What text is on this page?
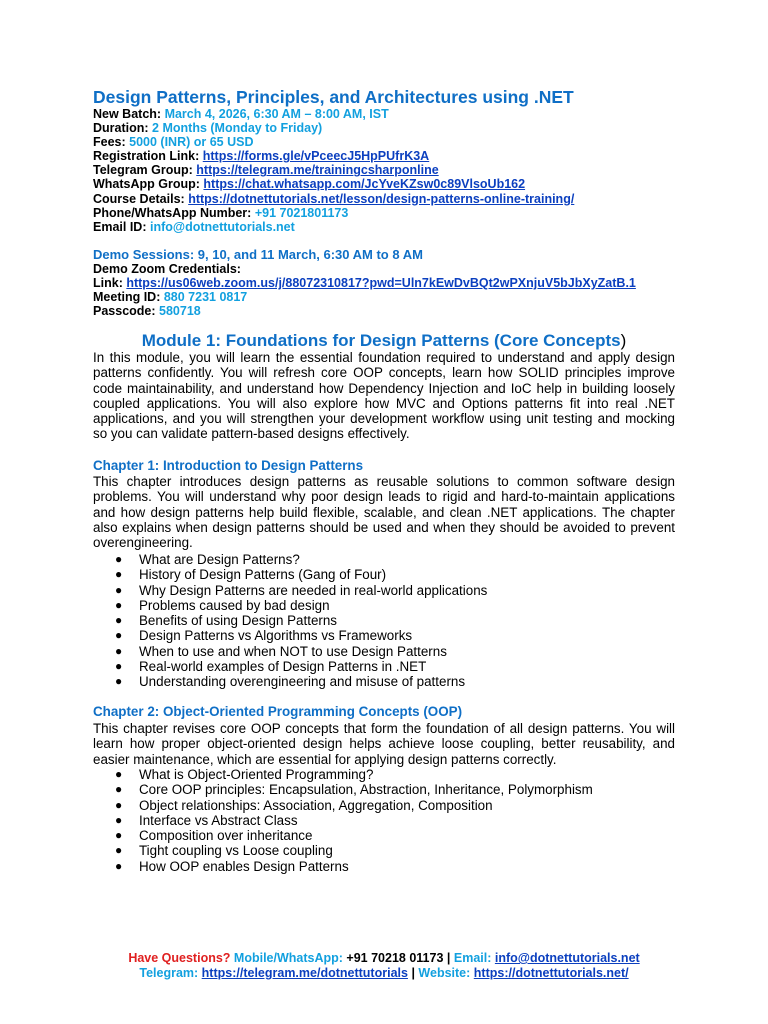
Design Patterns, Principles, and Architectures using .NET
New Batch: March 4, 2026, 6:30 AM – 8:00 AM, IST
Duration: 2 Months (Monday to Friday)
Fees: 5000 (INR) or 65 USD
Registration Link: https://forms.gle/vPceecJ5HpPUfrK3A
Telegram Group: https://telegram.me/trainingcsharponline
WhatsApp Group: https://chat.whatsapp.com/JcYveKZsw0c89VlsoUb162
Course Details: https://dotnettutorials.net/lesson/design-patterns-online-training/
Phone/WhatsApp Number: +91 7021801173
Email ID: info@dotnettutorials.net
Demo Sessions: 9, 10, and 11 March, 6:30 AM to 8 AM
Demo Zoom Credentials:
Link: https://us06web.zoom.us/j/88072310817?pwd=Uln7kEwDvBQt2wPXnjuV5bJbXyZatB.1
Meeting ID: 880 7231 0817
Passcode: 580718
Module 1: Foundations for Design Patterns (Core Concepts)

In this module, you will learn the essential foundation required to understand and apply design patterns confidently. You will refresh core OOP concepts, learn how SOLID principles improve code maintainability, and understand how Dependency Injection and IoC help in building loosely coupled applications. You will also explore how MVC and Options patterns fit into real .NET applications, and you will strengthen your development workflow using unit testing and mocking so you can validate pattern-based designs effectively.

Chapter 1: Introduction to Design Patterns

This chapter introduces design patterns as reusable solutions to common software design problems. You will understand why poor design leads to rigid and hard-to-maintain applications and how design patterns help build flexible, scalable, and clean .NET applications. The chapter also explains when design patterns should be used and when they should be avoided to prevent overengineering.

● What are Design Patterns?
● History of Design Patterns (Gang of Four)
● Why Design Patterns are needed in real-world applications
● Problems caused by bad design
● Benefits of using Design Patterns
● Design Patterns vs Algorithms vs Frameworks
● When to use and when NOT to use Design Patterns
● Real-world examples of Design Patterns in .NET
● Understanding overengineering and misuse of patterns
Chapter 2: Object-Oriented Programming Concepts (OOP)

This chapter revises core OOP concepts that form the foundation of all design patterns. You will learn how proper object-oriented design helps achieve loose coupling, better reusability, and easier maintenance, which are essential for applying design patterns correctly.

● What is Object-Oriented Programming?
● Core OOP principles: Encapsulation, Abstraction, Inheritance, Polymorphism
● Object relationships: Association, Aggregation, Composition
● Interface vs Abstract Class
● Composition over inheritance
● Tight coupling vs Loose coupling
● How OOP enables Design Patterns
Have Questions? Mobile/WhatsApp: +91 70218 01173 | Email: info@dotnettutorials.net
Telegram: https://telegram.me/dotnettutorials | Website: https://dotnettutorials.net/
